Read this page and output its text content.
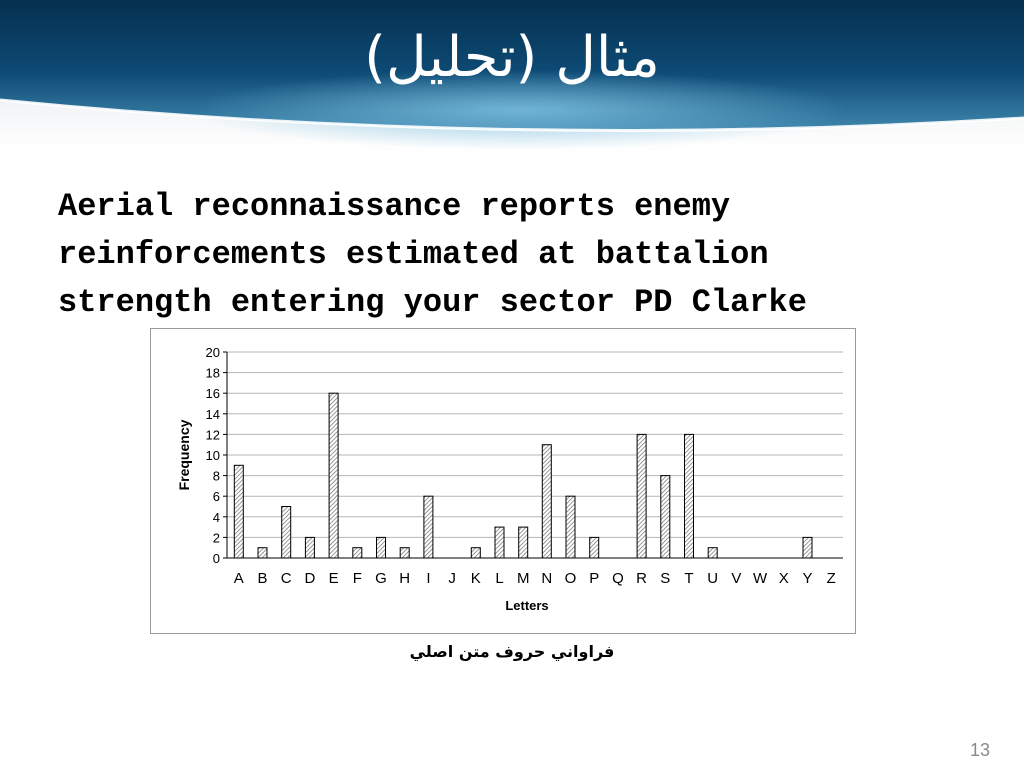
مثال (تحليل)
Aerial reconnaissance reports enemy
reinforcements estimated at battalion
strength entering your sector PD Clarke
0
2
4
6
8
10
12
14
16
18
20
A B C D E F G H I J K L M N O P Q R S T U V W X Y Z
Letters
Frequency
فراواني حروف متن اصلي
13
